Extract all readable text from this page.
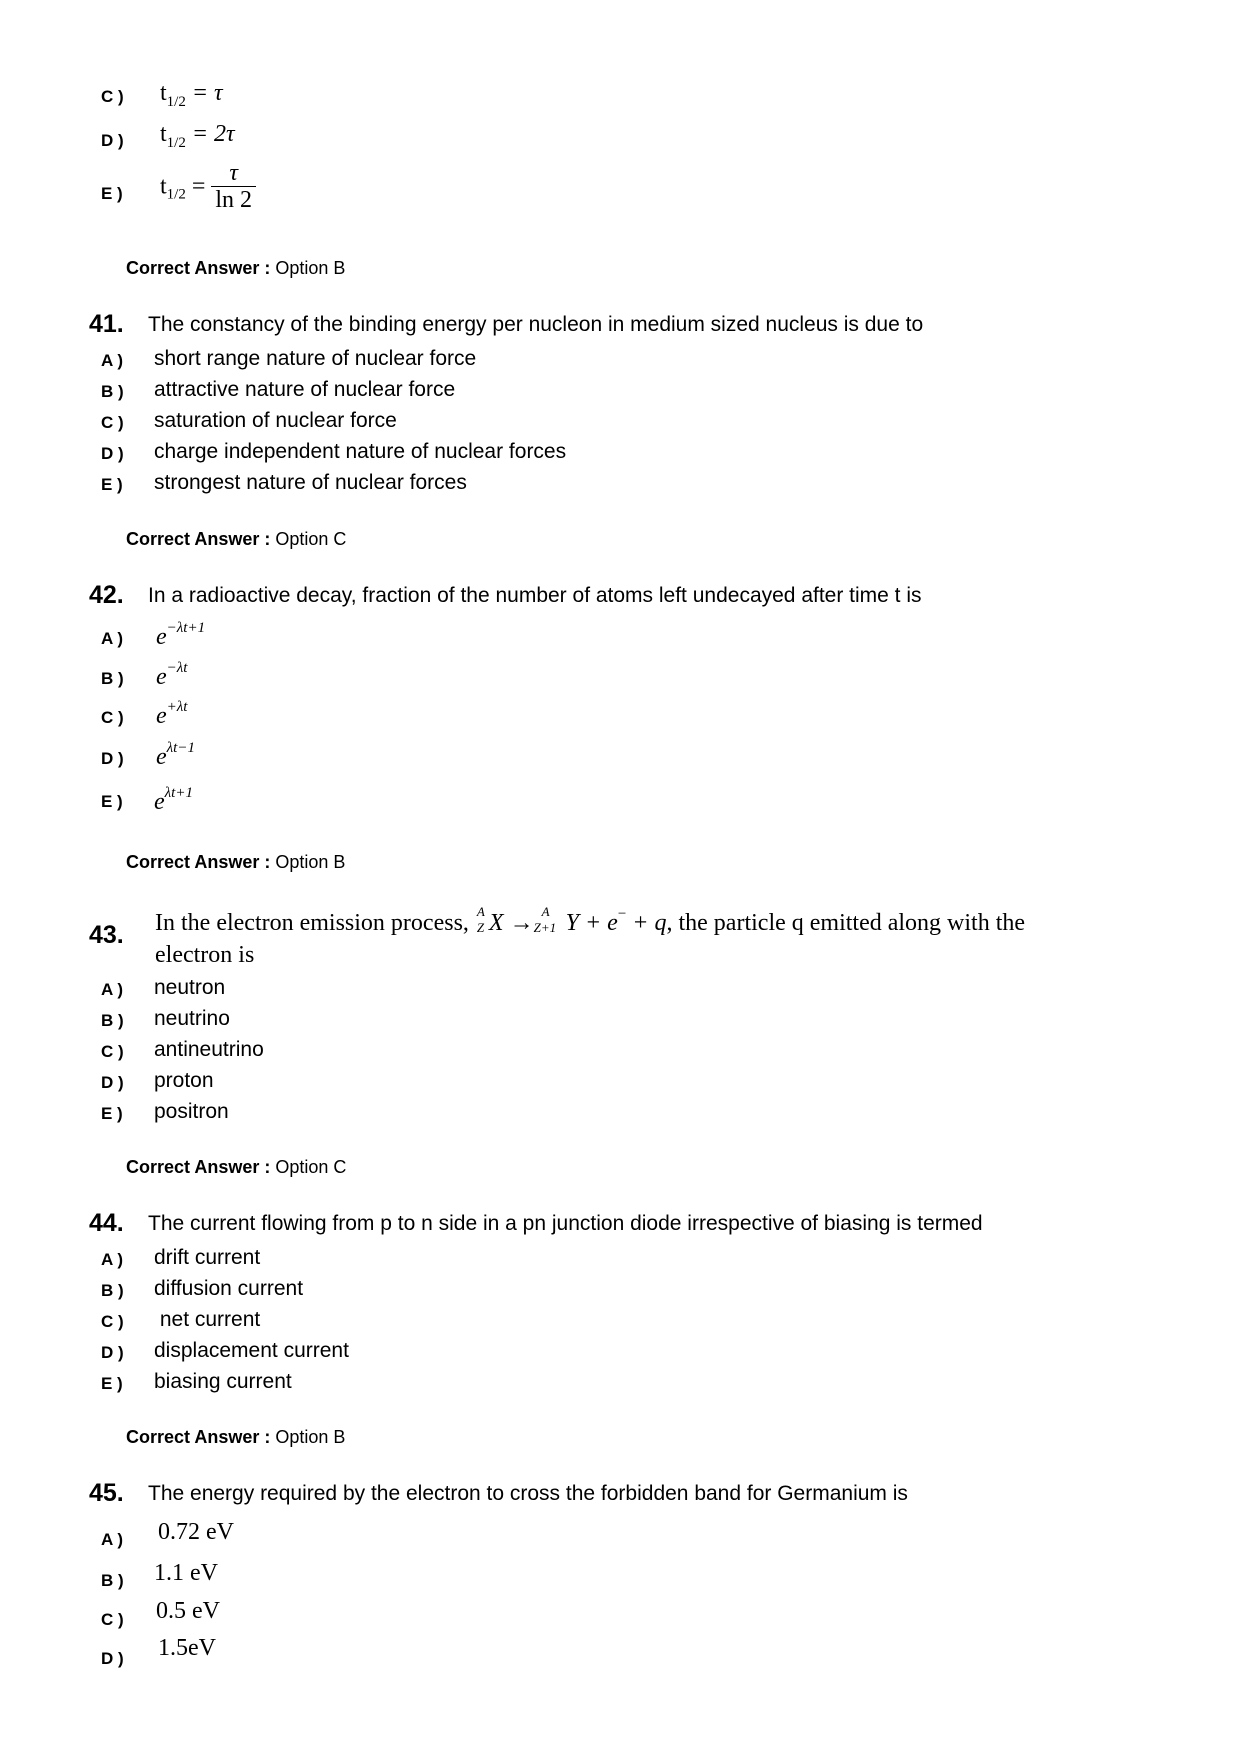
C ) $t_{1/2} = \tau$
D ) $t_{1/2} = 2\tau$
E ) $t_{1/2} = \frac{\tau}{\ln 2}$
Correct Answer : Option B
41. The constancy of the binding energy per nucleon in medium sized nucleus is due to
A ) short range nature of nuclear force
B ) attractive nature of nuclear force
C ) saturation of nuclear force
D ) charge independent nature of nuclear forces
E ) strongest nature of nuclear forces
Correct Answer : Option C
42. In a radioactive decay, fraction of the number of atoms left undecayed after time t is
A ) $e^{-\lambda t+1}$
B ) $e^{-\lambda t}$
C ) $e^{+\lambda t}$
D ) $e^{\lambda t-1}$
E ) $e^{\lambda t+1}$
Correct Answer : Option B
43. In the electron emission process, A
Z X → A
Z+1 Y + e− + q, the particle q emitted along with the
electron is
A ) neutron
B ) neutrino
C ) antineutrino
D ) proton
E ) positron
Correct Answer : Option C
44. The current flowing from p to n side in a pn junction diode irrespective of biasing is termed
A ) drift current
B ) diffusion current
C ) net current
D ) displacement current
E ) biasing current
Correct Answer : Option B
45. The energy required by the electron to cross the forbidden band for Germanium is
A ) 0.72 eV
B ) 1.1 eV
C ) 0.5 eV
D ) 1.5eV
